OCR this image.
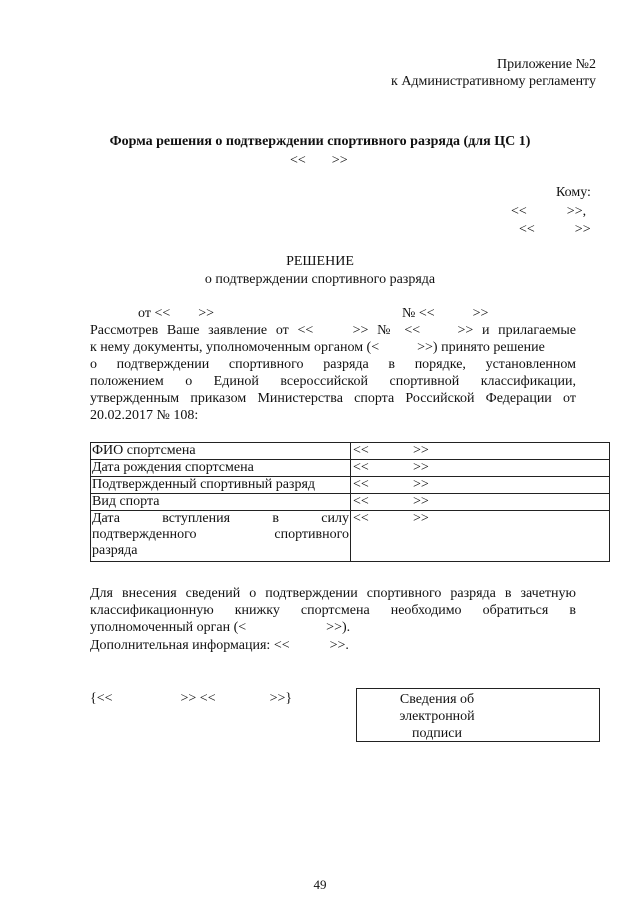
Приложение №2
к Административному регламенту
Форма решения о подтверждении спортивного разряда (для ЦС 1)
<< >>
Кому:
<<	>>,
<<	>>
РЕШЕНИЕ
о подтверждении спортивного разряда
от << >>	№ <<	>>
Рассмотрев Ваше заявление от <<	>> № <<	>> и прилагаемые
к нему документы, уполномоченным органом (<	>>) принято решение
о подтверждении спортивного разряда в порядке, установленном
положением о Единой всероссийской спортивной классификации,
утвержденным приказом Министерства спорта Российской Федерации от
20.02.2017 № 108:
ФИО спортсмена	<< >>
Дата рождения спортсмена	<< >>
Подтвержденный спортивный разряд	<< >>
Вид спорта	<< >>

Дата вступления в силу
подтвержденного спортивного
разряда	<< >>
Для внесения сведений о подтверждении спортивного разряда в зачетную
классификационную книжку спортсмена необходимо обратиться в
уполномоченный орган (<	>>).
Дополнительная информация: <<	>>.
{<<	>> <<	>>}	Сведения об
электронной
подписи
49
